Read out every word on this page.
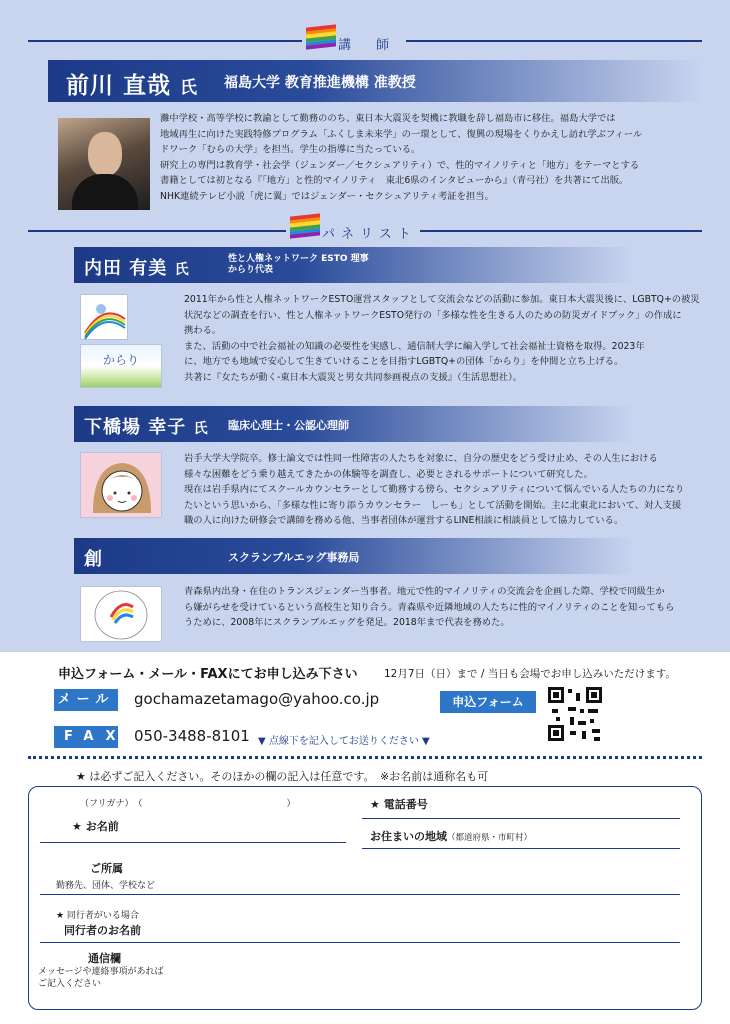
講　師
前川 直哉 氏 福島大学 教育推進機構 准教授

灘中学校・高等学校に教諭として勤務ののち、東日本大震災を契機に教職を辞し福島市に移住。福島大学では

地域再生に向けた実践特修プログラム「ふくしま未来学」の一環として、復興の現場をくりかえし訪れ学ぶフィール

ドワーク「むらの大学」を担当。学生の指導に当たっている。

研究上の専門は教育学・社会学（ジェンダー／セクシュアリティ）で、性的マイノリティと「地方」をテーマとする

書籍としては初となる『「地方」と性的マイノリティ　東北6県のインタビューから』（青弓社）を共著にて出版。

NHK連続テレビ小説「虎に翼」ではジェンダー・セクシュアリティ考証を担当。

パネリスト
内田 有美 氏
性と人権ネットワーク ESTO 理事
からり代表
からり

2011年から性と人権ネットワークESTO運営スタッフとして交流会などの活動に参加。東日本大震災後に、LGBTQ+の被災

状況などの調査を行い、性と人権ネットワークESTO発行の「多様な性を生きる人のための防災ガイドブック」の作成に

携わる。

また、活動の中で社会福祉の知識の必要性を実感し、通信制大学に編入学して社会福祉士資格を取得。2023年

に、地方でも地域で安心して生きていけることを目指すLGBTQ+の団体「からり」を仲間と立ち上げる。

共著に『女たちが動く-東日本大震災と男女共同参画視点の支援』（生活思想社）。

下橋場 幸子 氏 臨床心理士・公認心理師

岩手大学大学院卒。修士論文では性同一性障害の人たちを対象に、自分の歴史をどう受け止め、その人生における

様々な困難をどう乗り越えてきたかの体験等を調査し、必要とされるサポートについて研究した。

現在は岩手県内にてスクールカウンセラーとして勤務する傍ら、セクシュアリティについて悩んでいる人たちの力になり

たいという思いから、「多様な性に寄り添うカウンセラー　しーも」として活動を開始。主に北東北において、対人支援

職の人に向けた研修会で講師を務める他、当事者団体が運営するLINE相談に相談員として協力している。

創	スクランブルエッグ事務局

青森県内出身・在住のトランスジェンダー当事者。地元で性的マイノリティの交流会を企画した際、学校で同級生か

ら嫌がらせを受けているという高校生と知り合う。青森県や近隣地域の人たちに性的マイノリティのことを知ってもら

うために、2008年にスクランブルエッグを発足。2018年まで代表を務めた。

申込フォーム・メール・FAXにてお申し込み下さい	12月7日（日）まで / 当日も会場でお申し込みいただけます。
メール gochamazetamago@yahoo.co.jp	申込フォーム
FAX 050-3488-8101 ▼ 点線下を記入してお送りください ▼
★ は必ずご記入ください。そのほかの欄の記入は任意です。　※お名前は通称名も可
（フリガナ）　（　　　　　　　　　　　　　　　　）
★ お名前
★ 電話番号
お住まいの地域（都道府県・市町村）
ご所属
勤務先、団体、学校など
★ 同行者がいる場合
同行者のお名前
通信欄
メッセージや連絡事項があれば
ご記入ください
